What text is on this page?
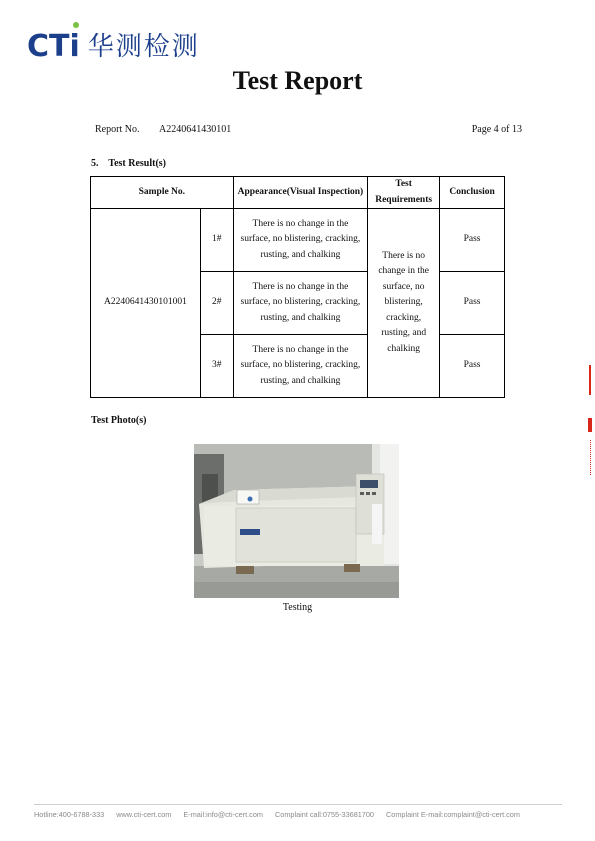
CTi 华测检测
Test Report
Report No. A2240641430101	Page 4 of 13
5.    Test Result(s)
Sample No.		Appearance(Visual Inspection)	Test Requirements	Conclusion
A2240641430101001	1#	There is no change in the surface, no blistering, cracking, rusting, and chalking	There is no change in the surface, no blistering, cracking, rusting, and chalking	Pass
	2#	There is no change in the surface, no blistering, cracking, rusting, and chalking		Pass
	3#	There is no change in the surface, no blistering, cracking, rusting, and chalking		Pass
Test Photo(s)
Testing
Hotline:400-6788-333 www.cti-cert.com E-mail:info@cti-cert.com Complaint call:0755-33681700 Complaint E-mail:complaint@cti-cert.com
